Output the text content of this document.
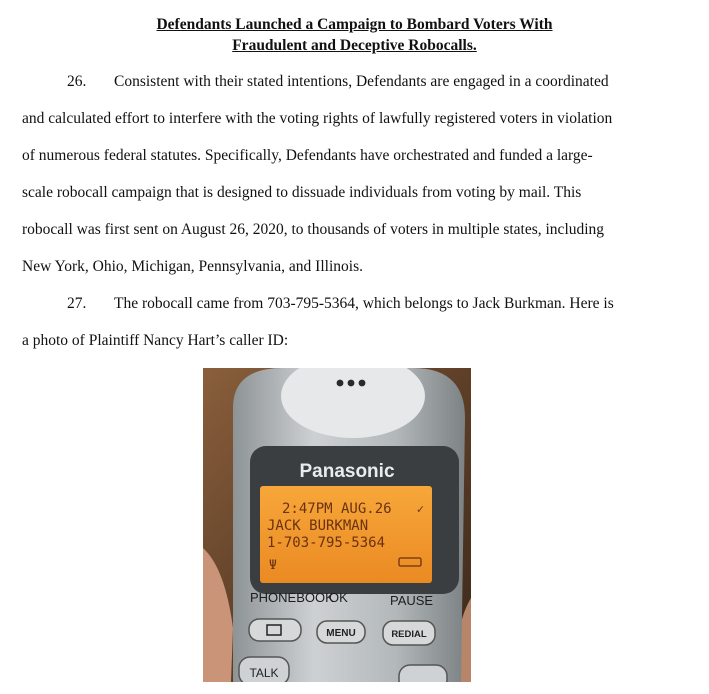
Defendants Launched a Campaign to Bombard Voters With
Fraudulent and Deceptive Robocalls.
26. Consistent with their stated intentions, Defendants are engaged in a coordinated
and calculated effort to interfere with the voting rights of lawfully registered voters in violation
of numerous federal statutes. Specifically, Defendants have orchestrated and funded a large-
scale robocall campaign that is designed to dissuade individuals from voting by mail. This
robocall was first sent on August 26, 2020, to thousands of voters in multiple states, including
New York, Ohio, Michigan, Pennsylvania, and Illinois.
27. The robocall came from 703-795-5364, which belongs to Jack Burkman. Here is
a photo of Plaintiff Nancy Hart’s caller ID:
Panasonic
2:47PM AUG.26 ✓
JACK BURKMAN
1-703-795-5364
Ψ
PHONEBOOK
OK	PAUSE
MENU	REDIAL
TALK
